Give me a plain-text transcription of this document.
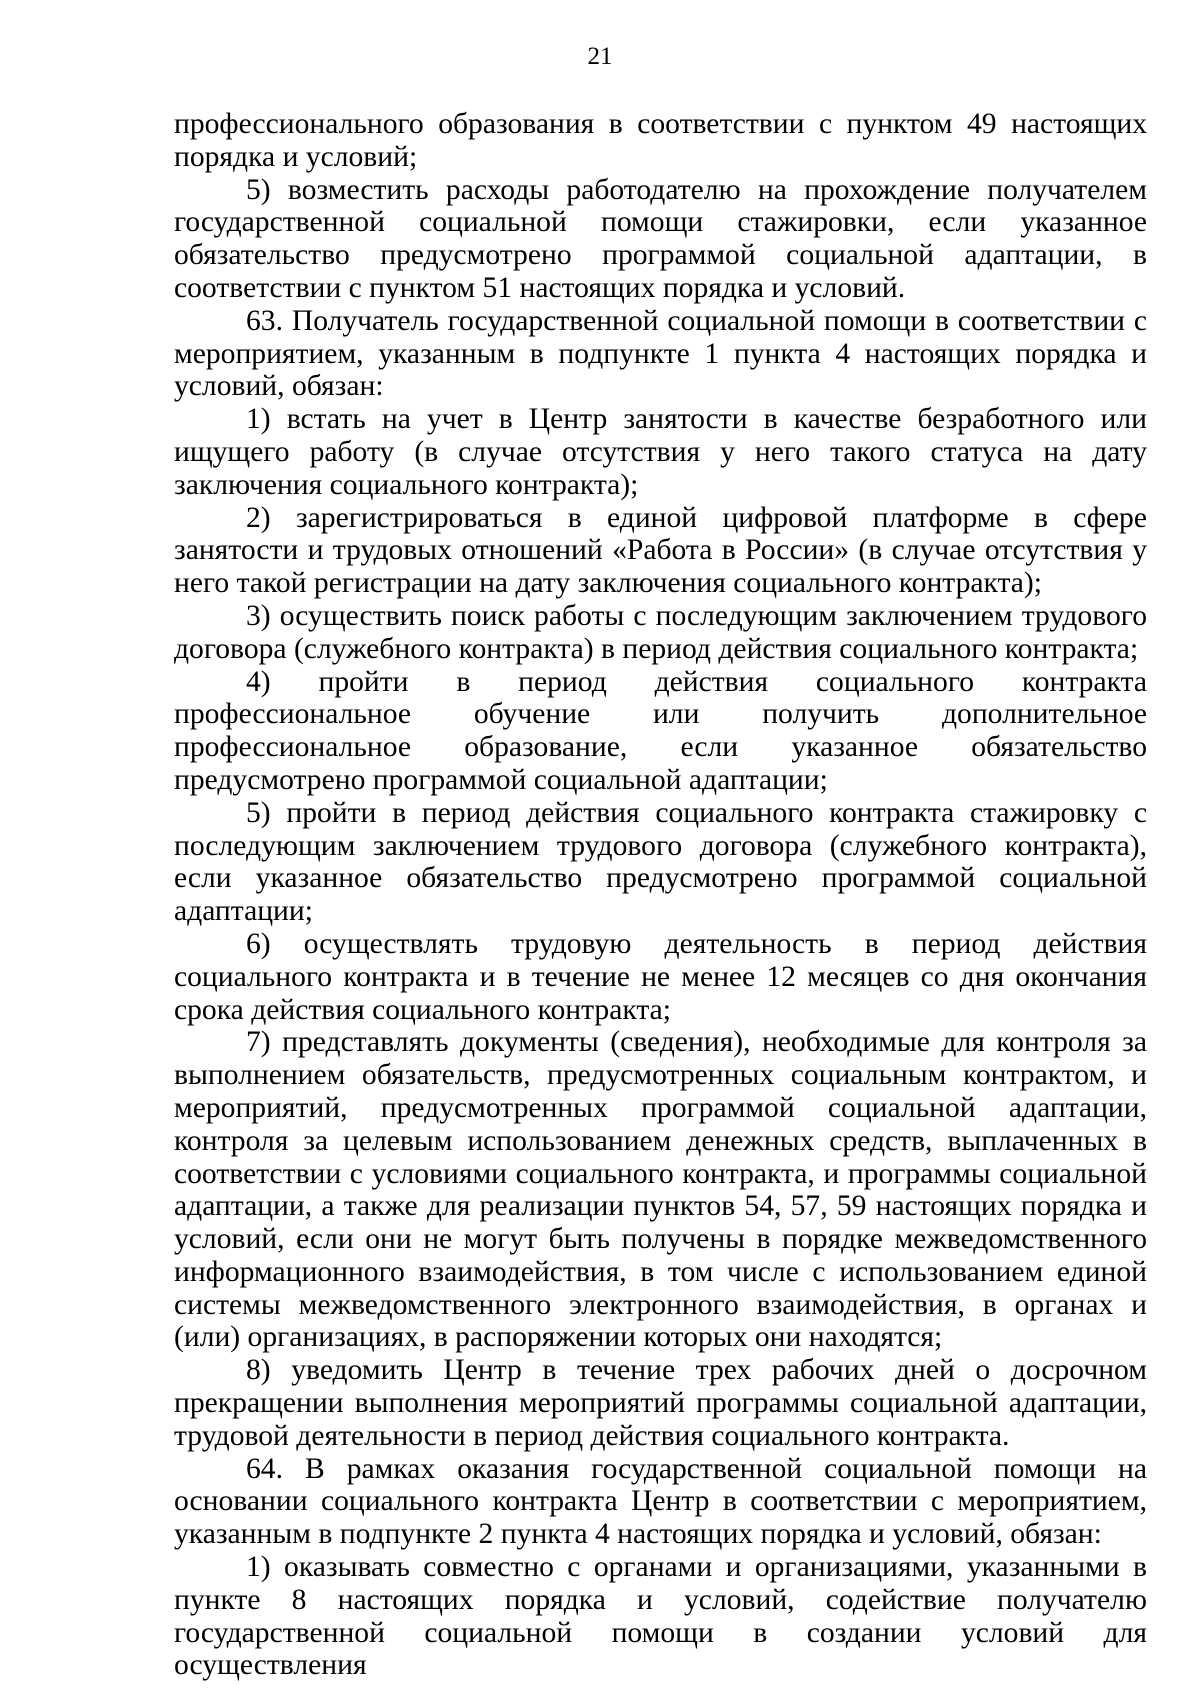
21

профессионального образования в соответствии с пунктом 49 настоящих порядка и условий;

5) возместить расходы работодателю на прохождение получателем государственной социальной помощи стажировки, если указанное обязательство предусмотрено программой социальной адаптации, в соответствии с пунктом 51 настоящих порядка и условий.

63. Получатель государственной социальной помощи в соответствии с мероприятием, указанным в подпункте 1 пункта 4 настоящих порядка и условий, обязан:

1) встать на учет в Центр занятости в качестве безработного или ищущего работу (в случае отсутствия у него такого статуса на дату заключения социального контракта);

2) зарегистрироваться в единой цифровой платформе в сфере занятости и трудовых отношений «Работа в России» (в случае отсутствия у него такой регистрации на дату заключения социального контракта);

3) осуществить поиск работы с последующим заключением трудового договора (служебного контракта) в период действия социального контракта;

4) пройти в период действия социального контракта профессиональное обучение или получить дополнительное профессиональное образование, если указанное обязательство предусмотрено программой социальной адаптации;

5) пройти в период действия социального контракта стажировку с последующим заключением трудового договора (служебного контракта), если указанное обязательство предусмотрено программой социальной адаптации;

6) осуществлять трудовую деятельность в период действия социального контракта и в течение не менее 12 месяцев со дня окончания срока действия социального контракта;

7) представлять документы (сведения), необходимые для контроля за выполнением обязательств, предусмотренных социальным контрактом, и мероприятий, предусмотренных программой социальной адаптации, контроля за целевым использованием денежных средств, выплаченных в соответствии с условиями социального контракта, и программы социальной адаптации, а также для реализации пунктов 54, 57, 59 настоящих порядка и условий, если они не могут быть получены в порядке межведомственного информационного взаимодействия, в том числе с использованием единой системы межведомственного электронного взаимодействия, в органах и (или) организациях, в распоряжении которых они находятся;

8) уведомить Центр в течение трех рабочих дней о досрочном прекращении выполнения мероприятий программы социальной адаптации, трудовой деятельности в период действия социального контракта.

64. В рамках оказания государственной социальной помощи на основании социального контракта Центр в соответствии с мероприятием, указанным в подпункте 2 пункта 4 настоящих порядка и условий, обязан:

1) оказывать совместно с органами и организациями, указанными в пункте 8 настоящих порядка и условий, содействие получателю государственной социальной помощи в создании условий для осуществления
